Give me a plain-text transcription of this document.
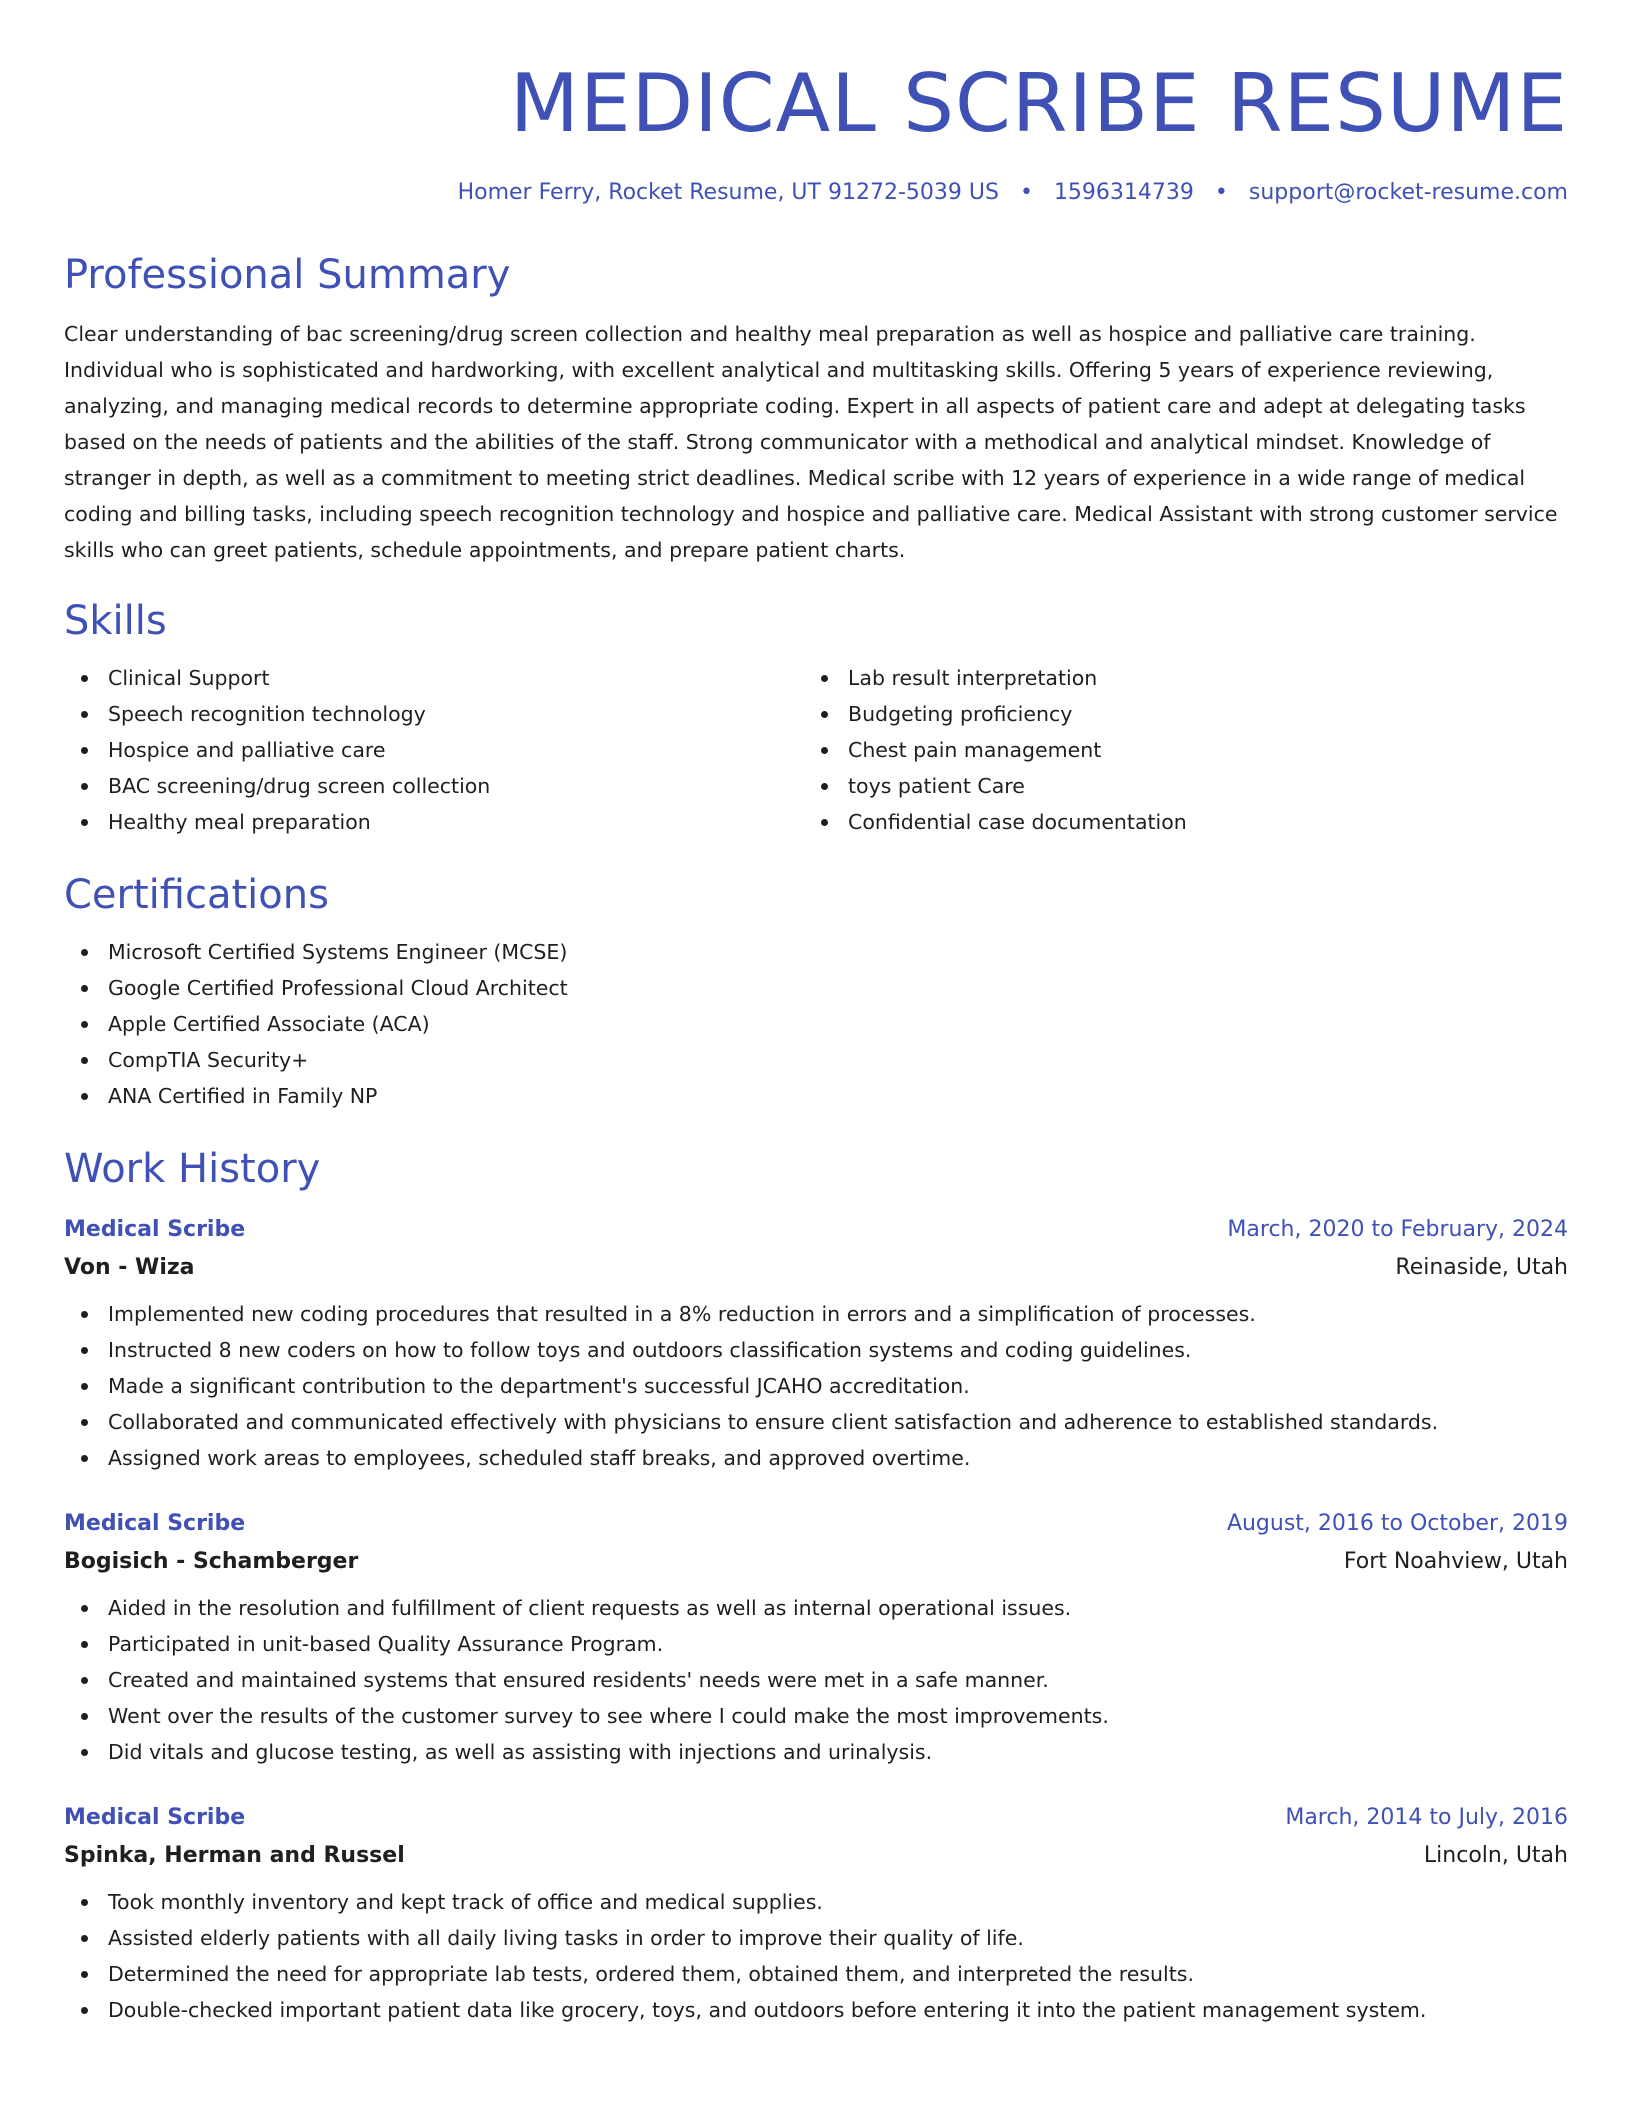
MEDICAL SCRIBE RESUME
Homer Ferry, Rocket Resume, UT 91272-5039 US • 1596314739 • support@rocket-resume.com
Professional Summary

Clear understanding of bac screening/drug screen collection and healthy meal preparation as well as hospice and palliative care training. Individual who is sophisticated and hardworking, with excellent analytical and multitasking skills. Offering 5 years of experience reviewing, analyzing, and managing medical records to determine appropriate coding. Expert in all aspects of patient care and adept at delegating tasks based on the needs of patients and the abilities of the staff. Strong communicator with a methodical and analytical mindset. Knowledge of stranger in depth, as well as a commitment to meeting strict deadlines. Medical scribe with 12 years of experience in a wide range of medical coding and billing tasks, including speech recognition technology and hospice and palliative care. Medical Assistant with strong customer service skills who can greet patients, schedule appointments, and prepare patient charts.

Skills
Clinical Support
Speech recognition technology
Hospice and palliative care
BAC screening/drug screen collection
Healthy meal preparation
Lab result interpretation
Budgeting proficiency
Chest pain management
toys patient Care
Confidential case documentation
Certifications
Microsoft Certified Systems Engineer (MCSE)
Google Certified Professional Cloud Architect
Apple Certified Associate (ACA)
CompTIA Security+
ANA Certified in Family NP
Work History
Medical Scribe	March, 2020 to February, 2024
Von - Wiza	Reinaside, Utah
Implemented new coding procedures that resulted in a 8% reduction in errors and a simplification of processes.
Instructed 8 new coders on how to follow toys and outdoors classification systems and coding guidelines.
Made a significant contribution to the department's successful JCAHO accreditation.
Collaborated and communicated effectively with physicians to ensure client satisfaction and adherence to established standards.
Assigned work areas to employees, scheduled staff breaks, and approved overtime.
Medical Scribe	August, 2016 to October, 2019
Bogisich - Schamberger	Fort Noahview, Utah
Aided in the resolution and fulfillment of client requests as well as internal operational issues.
Participated in unit-based Quality Assurance Program.
Created and maintained systems that ensured residents' needs were met in a safe manner.
Went over the results of the customer survey to see where I could make the most improvements.
Did vitals and glucose testing, as well as assisting with injections and urinalysis.
Medical Scribe	March, 2014 to July, 2016
Spinka, Herman and Russel	Lincoln, Utah
Took monthly inventory and kept track of office and medical supplies.
Assisted elderly patients with all daily living tasks in order to improve their quality of life.
Determined the need for appropriate lab tests, ordered them, obtained them, and interpreted the results.
Double-checked important patient data like grocery, toys, and outdoors before entering it into the patient management system.
